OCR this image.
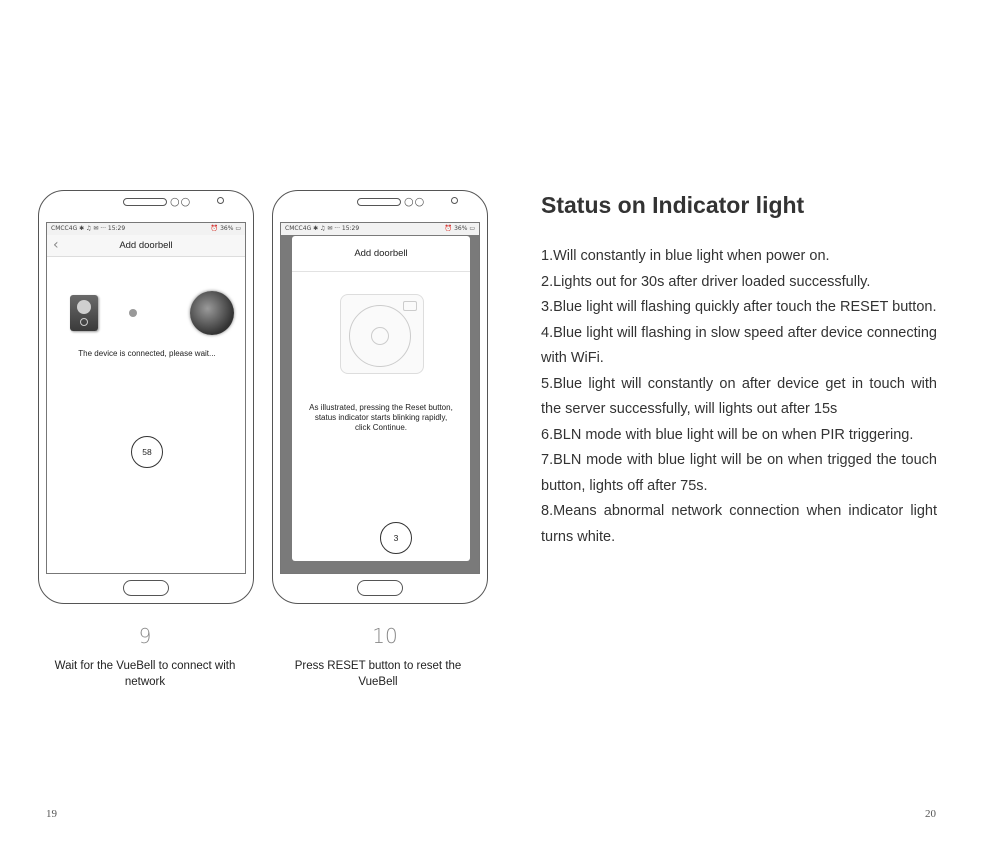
○○
CMCC4G ✱ ♫ ✉ ··· 15:29	⏰ 36% ▭
‹	Add doorbell
The device is connected, please wait...
58
○○
CMCC4G ✱ ♫ ✉ ··· 15:29	⏰ 36% ▭
Add doorbell
As illustrated, pressing the Reset button, status indicator starts blinking rapidly, click Continue.
3
9
Wait for the VueBell to connect with network
10
Press RESET button to reset the VueBell
Status on Indicator light

1.Will constantly in blue light when power on.

2.Lights out for 30s after driver loaded successfully.

3.Blue light will flashing quickly after touch the RESET button.

4.Blue light will flashing in slow speed after device connecting with WiFi.

5.Blue light will constantly on after device get in touch with the server successfully, will lights out after 15s

6.BLN mode with blue light will be on when PIR triggering.

7.BLN mode with blue light will be on when trigged the touch button, lights off after 75s.

8.Means abnormal network connection when indicator light turns white.

19	20
